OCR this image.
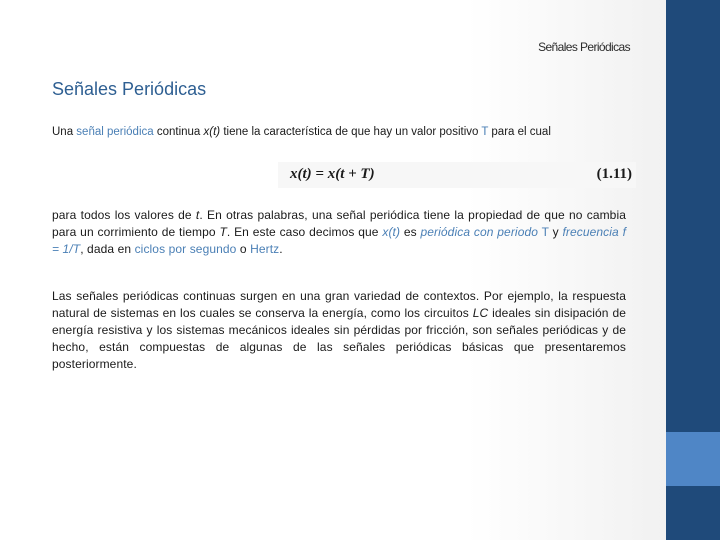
Señales Periódicas
Señales Periódicas
Una señal periódica continua x(t) tiene la característica de que hay un valor positivo T para el cual
x(t) = x(t + T)	(1.11)
para todos los valores de t. En otras palabras, una señal periódica tiene la propiedad de que no cambia para un corrimiento de tiempo T. En este caso decimos que x(t) es periódica con periodo T y frecuencia f = 1/T, dada en ciclos por segundo o Hertz.
Las señales periódicas continuas surgen en una gran variedad de contextos. Por ejemplo, la respuesta natural de sistemas en los cuales se conserva la energía, como los circuitos LC ideales sin disipación de energía resistiva y los sistemas mecánicos ideales sin pérdidas por fricción, son señales periódicas y de hecho, están compuestas de algunas de las señales periódicas básicas que presentaremos posteriormente.
